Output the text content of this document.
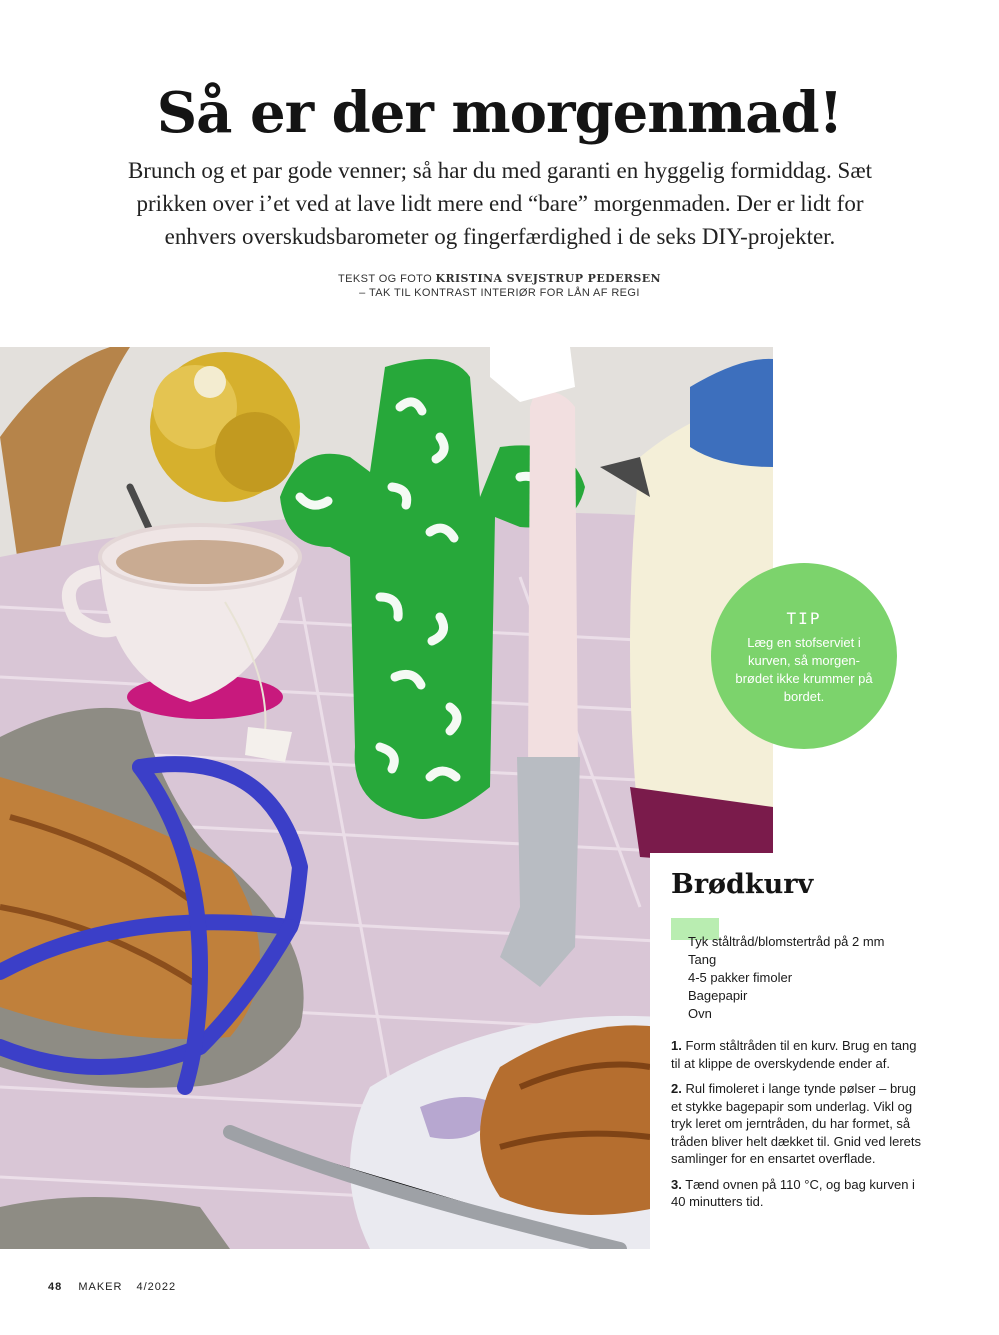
Så er der morgenmad!
Brunch og et par gode venner; så har du med garanti en hyggelig formiddag. Sæt prikken over i’et ved at lave lidt mere end “bare” morgenmaden. Der er lidt for enhvers overskudsbarometer og fingerfærdighed i de seks DIY-projekter.
TEKST OG FOTO KRISTINA SVEJSTRUP PEDERSEN
– TAK TIL KONTRAST INTERIØR FOR LÅN AF REGI
TIP
Læg en stofserviet i kurven, så morgen-brødet ikke krummer på bordet.
Brødkurv
Tyk ståltråd/blomstertråd på 2 mm
Tang
4-5 pakker fimoler
Bagepapir
Ovn
1. Form ståltråden til en kurv. Brug en tang til at klippe de overskydende ender af.
2. Rul fimoleret i lange tynde pølser – brug et stykke bagepapir som underlag. Vikl og tryk leret om jerntråden, du har formet, så tråden bliver helt dækket til. Gnid ved lerets samlinger for en ensartet overflade.
3. Tænd ovnen på 110 °C, og bag kurven i 40 minutters tid.
48 MAKER 4/2022
